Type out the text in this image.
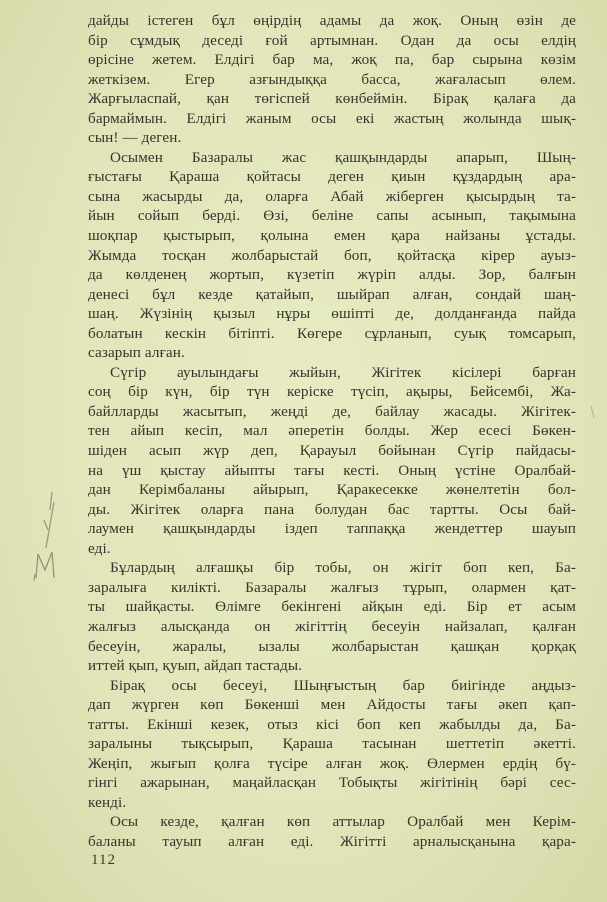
дайды істеген бұл өңірдің адамы да жоқ. Оның өзін де
бір сұмдық деседі ғой артымнан. Одан да осы елдің
өрісіне жетем. Елдігі бар ма, жоқ па, бар сырына көзім
жеткізем. Егер азғындыққа басса, жағаласып өлем.
Жарғыласпай, қан төгіспей көнбеймін. Бірақ қалаға да
бармаймын. Елдігі жаным осы екі жастың жолында шық-
сын! — деген.
Осымен Базаралы жас қашқындарды апарып, Шың-
ғыстағы Қараша қойтасы деген қиын құздардың ара-
сына жасырды да, оларға Абай жіберген қысырдың та-
йын сойып берді. Өзі, беліне сапы асынып, тақымына
шоқпар қыстырып, қолына емен қара найзаны ұстады.
Жымда тосқан жолбарыстай боп, қойтасқа кірер ауыз-
да көлденең жортып, күзетіп жүріп алды. Зор, балғын
денесі бұл кезде қатайып, шыйрап алған, сондай шаң-
шаң. Жүзінің қызыл нұры өшіпті де, долданғанда пайда
болатын кескін бітіпті. Көгере сұрланып, суық томсарып,
сазарып алған.
Сүгір ауылындағы жыйын, Жігітек кісілері барған
соң бір күн, бір түн керіске түсіп, ақыры, Бейсембі, Жа-
байлларды жасытып, жеңді де, байлау жасады. Жігітек-
тен айып кесіп, мал әперетін болды. Жер есесі Бөкен-
шіден асып жүр деп, Қарауыл бойынан Сүгір пайдасы-
на үш қыстау айыпты тағы кесті. Оның үстіне Оралбай-
дан Керімбаланы айырып, Қаракесекке жөнелтетін бол-
ды. Жігітек оларға пана болудан бас тартты. Осы бай-
лаумен қашқындарды іздеп таппаққа жендеттер шауып
еді.
Бұлардың алғашқы бір тобы, он жігіт боп кеп, Ба-
заралыға килікті. Базаралы жалғыз тұрып, олармен қат-
ты шайқасты. Өлімге бекінгені айқын еді. Бір ет асым
жалғыз алысқанда он жігіттің бесеуін найзалап, қалған
бесеуін, жаралы, ызалы жолбарыстан қашқан қорқақ
иттей қып, қуып, айдап тастады.
Бірақ осы бесеуі, Шыңғыстың бар биігінде аңдыз-
дап жүрген көп Бөкенші мен Айдосты тағы әкеп қап-
татты. Екінші кезек, отыз кісі боп кеп жабылды да, Ба-
заралыны тықсырып, Қараша тасынан шеттетіп әкетті.
Жеңіп, жығып қолға түсіре алған жоқ. Өлермен ердің бү-
гінгі ажарынан, маңайласқан Тобықты жігітінің бәрі сес-
кенді.
Осы кезде, қалған көп аттылар Оралбай мен Керім-
баланы тауып алған еді. Жігітті арналысқанына қара-
112
